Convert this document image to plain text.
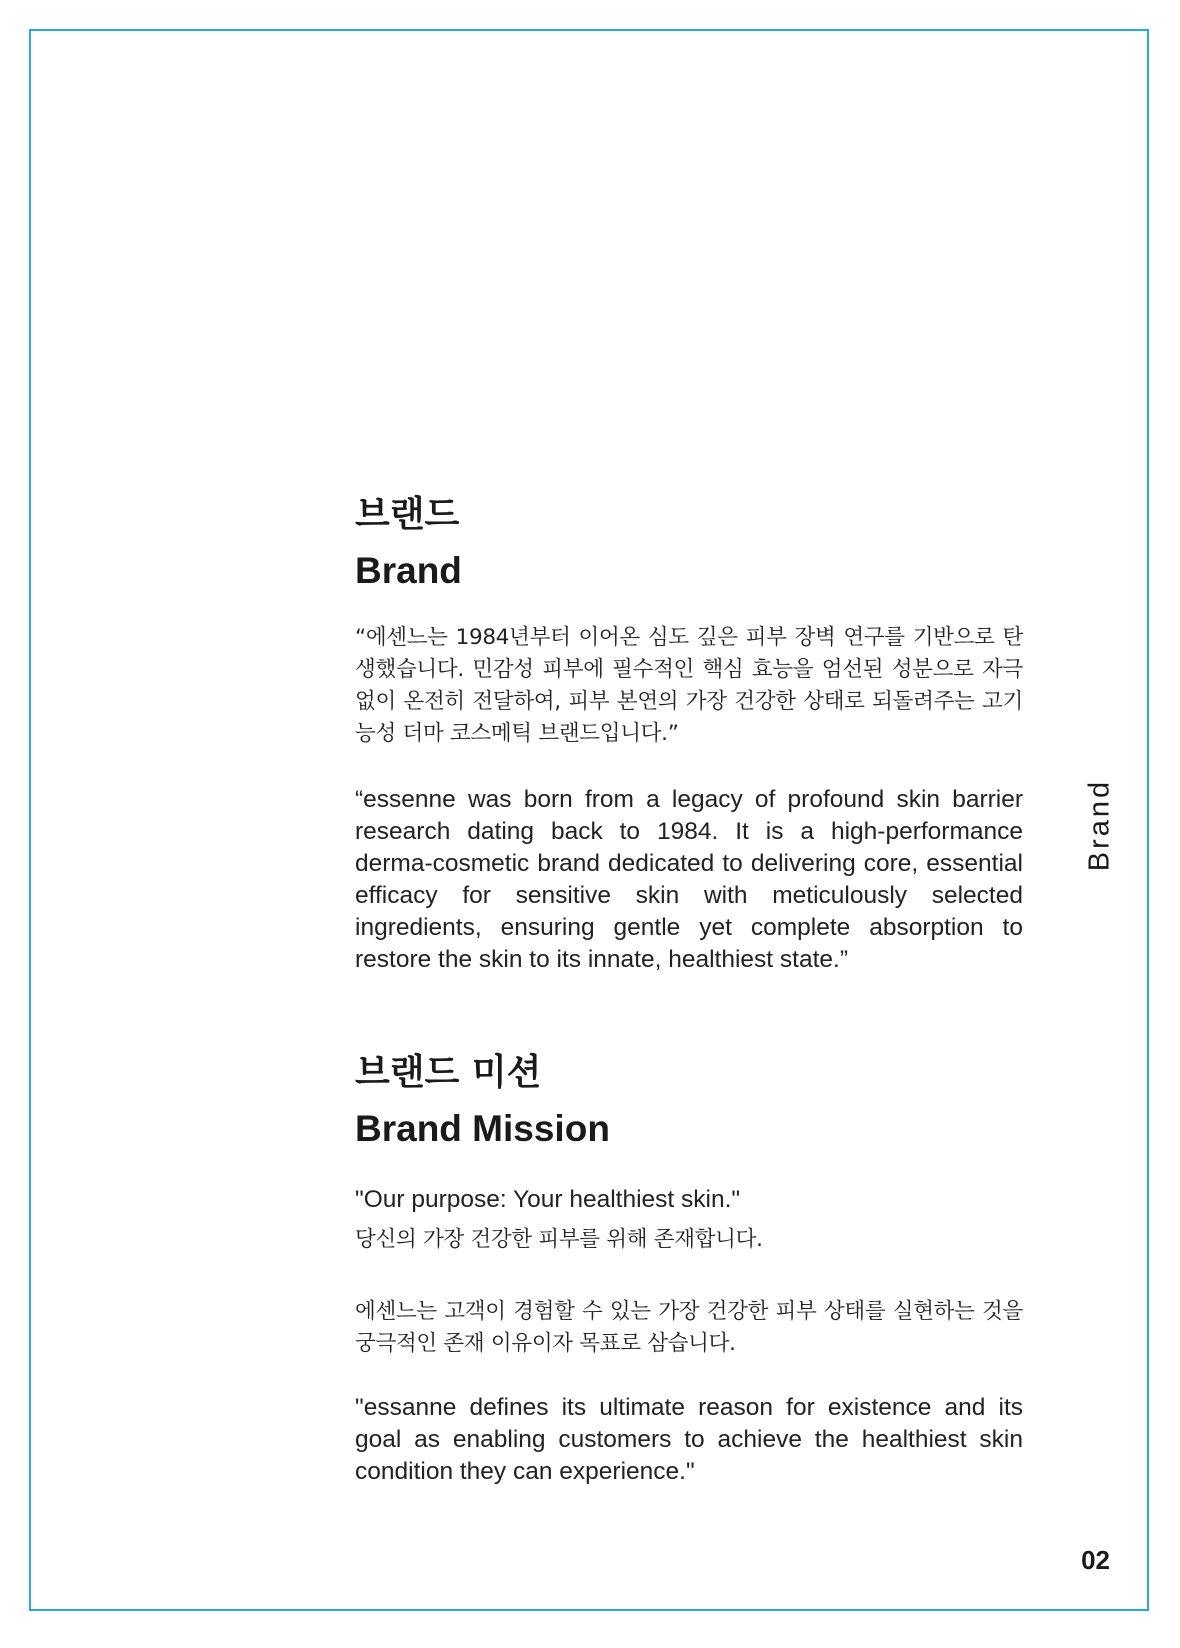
브랜드
Brand

“에센느는 1984년부터 이어온 심도 깊은 피부 장벽 연구를 기반으로 탄생했습니다. 민감성 피부에 필수적인 핵심 효능을 엄선된 성분으로 자극 없이 온전히 전달하여, 피부 본연의 가장 건강한 상태로 되돌려주는 고기능성 더마 코스메틱 브랜드입니다.”

“essenne was born from a legacy of profound skin barrier research dating back to 1984. It is a high-performance derma-cosmetic brand dedicated to delivering core, essential efficacy for sensitive skin with meticulously selected ingredients, ensuring gentle yet complete absorption to restore the skin to its innate, healthiest state.”

브랜드 미션
Brand Mission

"Our purpose: Your healthiest skin."

당신의 가장 건강한 피부를 위해 존재합니다.

에센느는 고객이 경험할 수 있는 가장 건강한 피부 상태를 실현하는 것을 궁극적인 존재 이유이자 목표로 삼습니다.

"essanne defines its ultimate reason for existence and its goal as enabling customers to achieve the healthiest skin condition they can experience."

Brand
02
